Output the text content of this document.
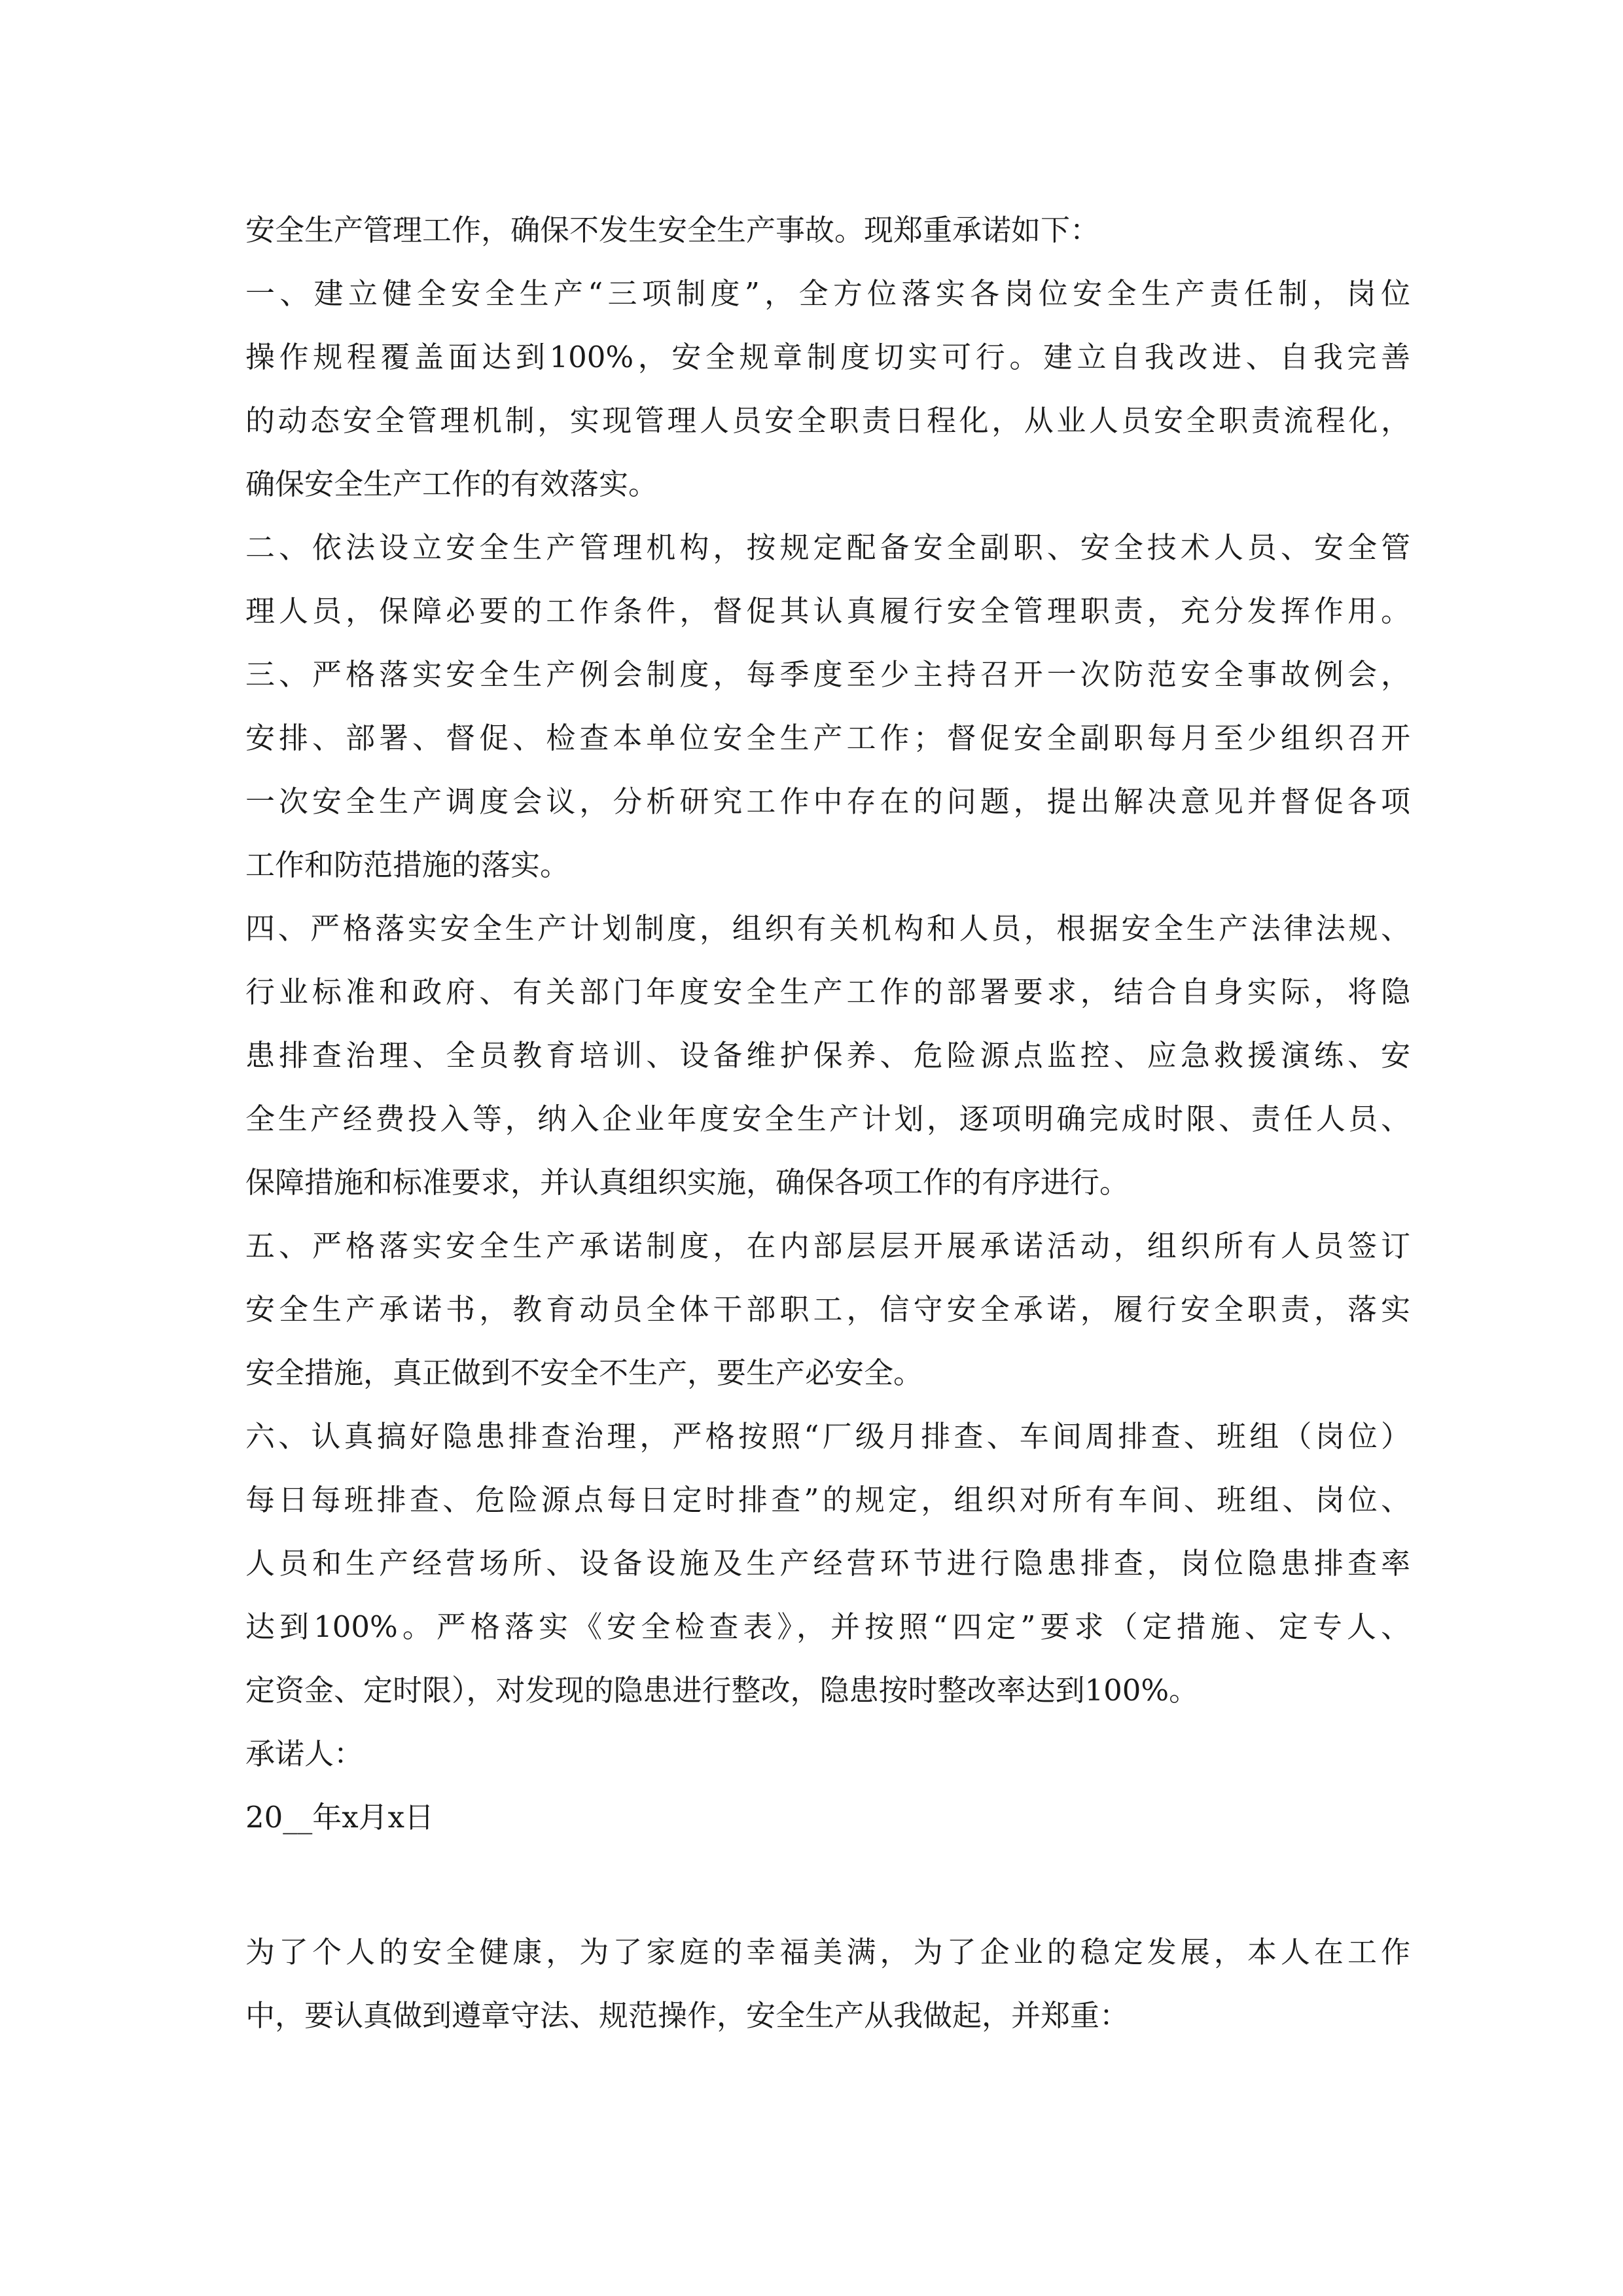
安全生产管理工作，确保不发生安全生产事故。现郑重承诺如下：
一、建立健全安全生产“三项制度”，全方位落实各岗位安全生产责任制，岗位
操作规程覆盖面达到100%，安全规章制度切实可行。建立自我改进、自我完善
的动态安全管理机制，实现管理人员安全职责日程化，从业人员安全职责流程化，
确保安全生产工作的有效落实。
二、依法设立安全生产管理机构，按规定配备安全副职、安全技术人员、安全管
理人员，保障必要的工作条件，督促其认真履行安全管理职责，充分发挥作用。
三、严格落实安全生产例会制度，每季度至少主持召开一次防范安全事故例会，
安排、部署、督促、检查本单位安全生产工作；督促安全副职每月至少组织召开
一次安全生产调度会议，分析研究工作中存在的问题，提出解决意见并督促各项
工作和防范措施的落实。
四、严格落实安全生产计划制度，组织有关机构和人员，根据安全生产法律法规、
行业标准和政府、有关部门年度安全生产工作的部署要求，结合自身实际，将隐
患排查治理、全员教育培训、设备维护保养、危险源点监控、应急救援演练、安
全生产经费投入等，纳入企业年度安全生产计划，逐项明确完成时限、责任人员、
保障措施和标准要求，并认真组织实施，确保各项工作的有序进行。
五、严格落实安全生产承诺制度，在内部层层开展承诺活动，组织所有人员签订
安全生产承诺书，教育动员全体干部职工，信守安全承诺，履行安全职责，落实
安全措施，真正做到不安全不生产，要生产必安全。
六、认真搞好隐患排查治理，严格按照“厂级月排查、车间周排查、班组（岗位）
每日每班排查、危险源点每日定时排查”的规定，组织对所有车间、班组、岗位、
人员和生产经营场所、设备设施及生产经营环节进行隐患排查，岗位隐患排查率
达到100%。严格落实《安全检查表》，并按照“四定”要求（定措施、定专人、
定资金、定时限），对发现的隐患进行整改，隐患按时整改率达到100%。
承诺人：
20__年x月x日
为了个人的安全健康，为了家庭的幸福美满，为了企业的稳定发展，本人在工作
中，要认真做到遵章守法、规范操作，安全生产从我做起，并郑重：
